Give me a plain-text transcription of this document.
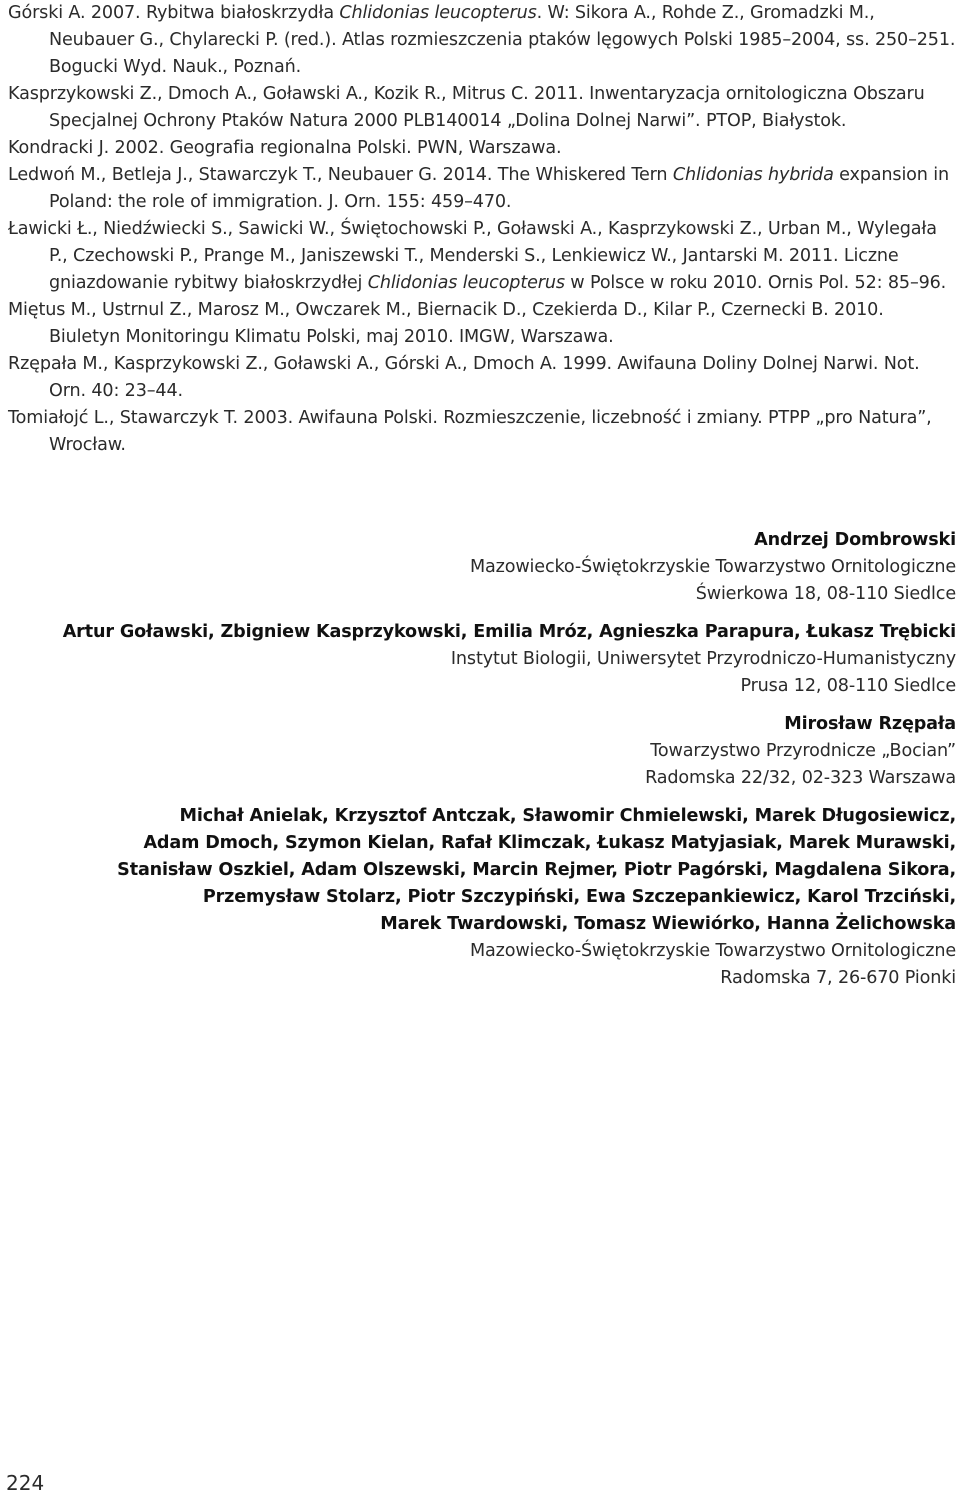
Górski A. 2007. Rybitwa białoskrzydła Chlidonias leucopterus. W: Sikora A., Rohde Z., Gromadzki M., Neubauer G., Chylarecki P. (red.). Atlas rozmieszczenia ptaków lęgowych Polski 1985–2004, ss. 250–251. Bogucki Wyd. Nauk., Poznań.

Kasprzykowski Z., Dmoch A., Goławski A., Kozik R., Mitrus C. 2011. Inwentaryzacja ornitologiczna Obszaru Specjalnej Ochrony Ptaków Natura 2000 PLB140014 „Dolina Dolnej Narwi”. PTOP, Białystok.

Kondracki J. 2002. Geografia regionalna Polski. PWN, Warszawa.

Ledwoń M., Betleja J., Stawarczyk T., Neubauer G. 2014. The Whiskered Tern Chlidonias hybrida expansion in Poland: the role of immigration. J. Orn. 155: 459–470.

Ławicki Ł., Niedźwiecki S., Sawicki W., Świętochowski P., Goławski A., Kasprzykowski Z., Urban M., Wylegała P., Czechowski P., Prange M., Janiszewski T., Menderski S., Lenkiewicz W., Jantarski M. 2011. Liczne gniazdowanie rybitwy białoskrzydłej Chlidonias leucopterus w Polsce w roku 2010. Ornis Pol. 52: 85–96.

Miętus M., Ustrnul Z., Marosz M., Owczarek M., Biernacik D., Czekierda D., Kilar P., Czernecki B. 2010. Biuletyn Monitoringu Klimatu Polski, maj 2010. IMGW, Warszawa.

Rzępała M., Kasprzykowski Z., Goławski A., Górski A., Dmoch A. 1999. Awifauna Doliny Dolnej Narwi. Not. Orn. 40: 23–44.

Tomiałojć L., Stawarczyk T. 2003. Awifauna Polski. Rozmieszczenie, liczebność i zmiany. PTPP „pro Natura”, Wrocław.

Andrzej Dombrowski
Mazowiecko-Świętokrzyskie Towarzystwo Ornitologiczne
Świerkowa 18, 08-110 Siedlce
Artur Goławski, Zbigniew Kasprzykowski, Emilia Mróz, Agnieszka Parapura, Łukasz Trębicki
Instytut Biologii, Uniwersytet Przyrodniczo-Humanistyczny
Prusa 12, 08-110 Siedlce
Mirosław Rzępała
Towarzystwo Przyrodnicze „Bocian”
Radomska 22/32, 02-323 Warszawa
Michał Anielak, Krzysztof Antczak, Sławomir Chmielewski, Marek Długosiewicz,
Adam Dmoch, Szymon Kielan, Rafał Klimczak, Łukasz Matyjasiak, Marek Murawski,
Stanisław Oszkiel, Adam Olszewski, Marcin Rejmer, Piotr Pagórski, Magdalena Sikora,
Przemysław Stolarz, Piotr Szczypiński, Ewa Szczepankiewicz, Karol Trzciński,
Marek Twardowski, Tomasz Wiewiórko, Hanna Żelichowska
Mazowiecko-Świętokrzyskie Towarzystwo Ornitologiczne
Radomska 7, 26-670 Pionki
224
